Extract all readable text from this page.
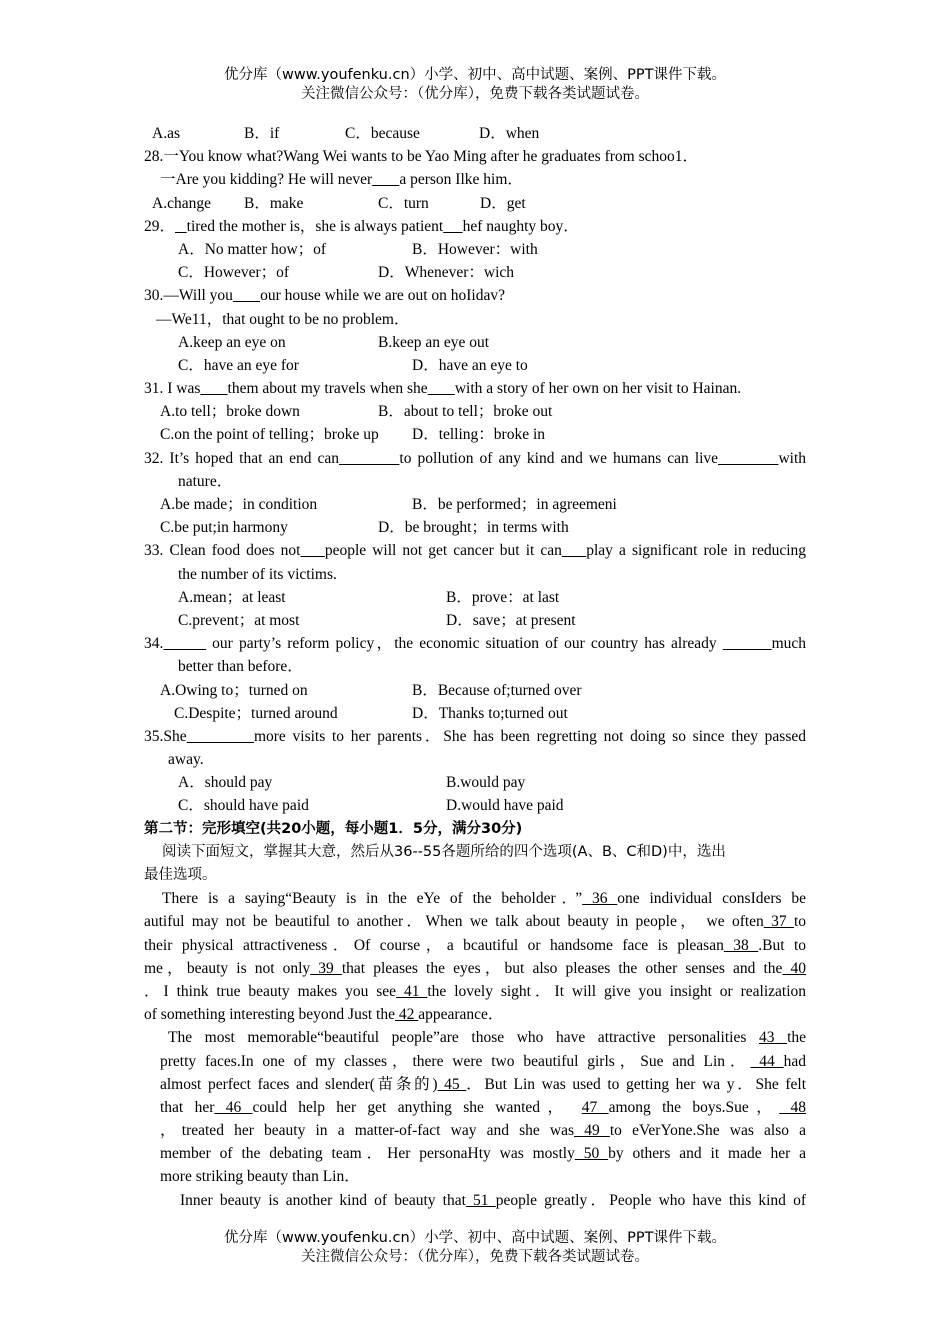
优分库（www.youfenku.cn）小学、初中、高中试题、案例、PPT课件下载。
关注微信公众号：（优分库），免费下载各类试题试卷。
A.as	B．if	C．because	D．when
28.一You know what?Wang Wei wants to be Yao Ming after he graduates from schoo1．
一Are you kidding? He will never a person Ilke him．
A.change B．make	C．turn	D．get
29． tired the mother is，she is always patient hef naughty boy．
A．No matter how；of	B．However：with
C．However；of	D．Whenever：wich
30.—Will you our house while we are out on hoIidav?
—We11，that ought to be no problem．
A.keep an eye on	B.keep an eye out
C．have an eye for	D．have an eye to
31. I was them about my travels when she with a story of her own on her visit to Hainan.
A.to tell；broke down	B．about to tell；broke out
C.on the point of telling；broke up D．telling：broke in
32. It’s hoped that an end can	to pollution of any kind and we humans can live	with
nature．
A.be made；in condition	B．be performed；in agreemeni
C.be put;in harmony	D．be brought；in terms with
33. Clean food does not people will not get cancer but it can play a significant role in reducing
the number of its victims.
A.mean；at least	B．prove：at last
C.prevent；at most	D．save；at present
34.	our party’s reform policy，the economic situation of our country has already	much
better than before．
A.Owing to；turned on	B．Because of;turned over
C.Despite；turned around	D．Thanks to;turned out
35.She	more visits to her parents．She has been regretting not doing so since they passed
away.
A．should pay	B.would pay
C．should have paid	D.would have paid
第二节：完形填空(共20小题，每小题1．5分，满分30分)
阅读下面短文，掌握其大意，然后从36--55各题所给的四个选项(A、B、C和D)中，选出
最佳选项。
There is a saying“Beauty is in the eYe of the beholder．” 36 one individual consIders be
autiful may not be beautiful to another．When we talk about beauty in people， we often 37 to
their physical attractiveness．Of course，a bcautiful or handsome face is pleasan 38 .But to
me，beauty is not only 39 that pleases the eyes，but also pleases the other senses and the 40
．I think true beauty makes you see 41 the lovely sight．It will give you insight or realization
of something interesting beyond Just the 42 appearance．
The most memorable“beautiful people”are those who have attractive personalities 43 the
pretty faces.In one of my classes，there were two beautiful girls，Sue and Lin． 44 had
almost perfect faces and slender(苗条的) 45 ．But Lin was used to getting her wa y．She felt
that her 46 could help her get anything she wanted， 47 among the boys.Sue， 48
，treated her beauty in a matter-of-fact way and she was 49 to eVerYone.She was also a
member of the debating team．Her personaHty was mostly 50 by others and it made her a
more striking beauty than Lin．
Inner beauty is another kind of beauty that 51 people greatly．People who have this kind of
优分库（www.youfenku.cn）小学、初中、高中试题、案例、PPT课件下载。
关注微信公众号：（优分库），免费下载各类试题试卷。
